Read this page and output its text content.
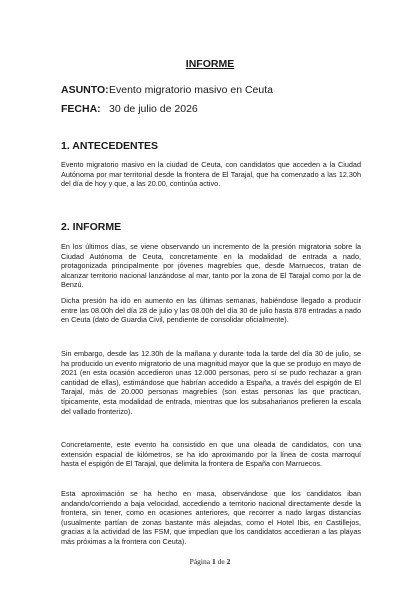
INFORME
ASUNTO:Evento migratorio masivo en Ceuta
FECHA: 30 de julio de 2026
1. ANTECEDENTES
Evento migratorio masivo en la ciudad de Ceuta, con candidatos que acceden a la Ciudad Autónoma por mar territorial desde la frontera de El Tarajal, que ha comenzado a las 12.30h del día de hoy y que, a las 20.00, continúa activo.
2. INFORME
En los últimos días, se viene observando un incremento de la presión migratoria sobre la Ciudad Autónoma de Ceuta, concretamente en la modalidad de entrada a nado, protagonizada principalmente por jóvenes magrebíes que, desde Marruecos, tratan de alcanzar territorio nacional lanzándose al mar, tanto por la zona de El Tarajal como por la de Benzú.
Dicha presión ha ido en aumento en las últimas semanas, habiéndose llegado a producir entre las 08.00h del día 28 de julio y las 08.00h del día 30 de julio hasta 878 entradas a nado en Ceuta (dato de Guardia Civil, pendiente de consolidar oficialmente).
Sin embargo, desde las 12.30h de la mañana y durante toda la tarde del día 30 de julio, se ha producido un evento migratorio de una magnitud mayor que la que se produjo en mayo de 2021 (en esta ocasión accedieron unas 12.000 personas, pero sí se pudo rechazar a gran cantidad de ellas), estimándose que habrían accedido a España, a través del espigón de El Tarajal, más de 20.000 personas magrebíes (son estas personas las que practican, típicamente, esta modalidad de entrada, mientras que los subsaharianos prefieren la escala del vallado fronterizo).
Concretamente, este evento ha consistido en que una oleada de candidatos, con una extensión espacial de kilómetros, se ha ido aproximando por la línea de costa marroquí hasta el espigón de El Tarajal, que delimita la frontera de España con Marruecos.
Esta aproximación se ha hecho en masa, observándose que los candidatos iban andando/corriendo a baja velocidad, accediendo a territorio nacional directamente desde la frontera, sin tener, como en ocasiones anteriores, que recorrer a nado largas distancias (usualmente partían de zonas bastante más alejadas, como el Hotel Ibis, en Castillejos, gracias a la actividad de las FSM, que impedían que los candidatos accedieran a las playas más próximas a la frontera con Ceuta).
Página 1 de 2
